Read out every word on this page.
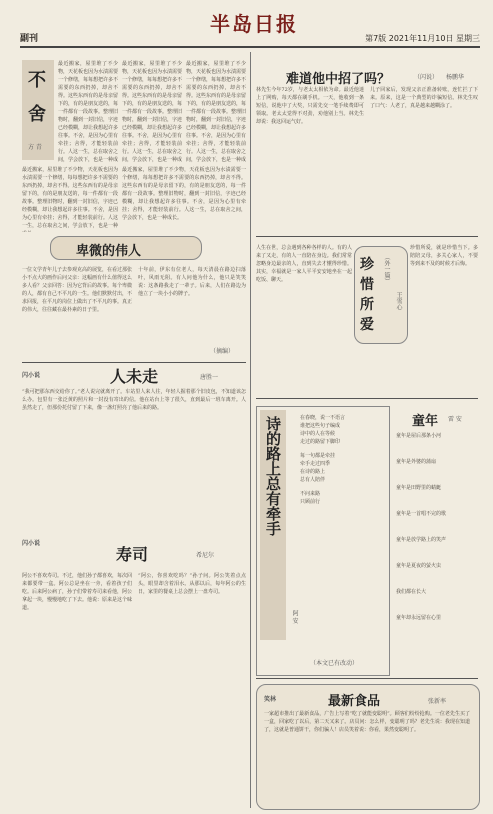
副刊
半岛日报
第7版 2021年11月10日 星期三
不
舍
方 青
最近搬家，屋里堆了不少物，天花板也因为水渍需要一个修缮，每每想把许多不需要的东西扔掉，却舍不得。这些东西有的是母亲留下的，有的是朋友送的，每一件都有一段故事。整理旧物时，翻到一封旧信，字迹已经模糊，却让我想起许多往事。不舍，是因为心里有牵挂；舍得，才能轻装前行。人这一生，总在取舍之间，学会放下，也是一种成
最近搬家，屋里堆了不少物，天花板也因为水渍需要一个修缮，每每想把许多不需要的东西扔掉，却舍不得。这些东西有的是母亲留下的，有的是朋友送的，每一件都有一段故事。整理旧物时，翻到一封旧信，字迹已经模糊，却让我想起许多往事。不舍，是因为心里有牵挂；舍得，才能轻装前行。人这一生，总在取舍之间，学会放下，也是一种成
最近搬家，屋里堆了不少物，天花板也因为水渍需要一个修缮，每每想把许多不需要的东西扔掉，却舍不得。这些东西有的是母亲留下的，有的是朋友送的，每一件都有一段故事。整理旧物时，翻到一封旧信，字迹已经模糊，却让我想起许多往事。不舍，是因为心里有牵挂；舍得，才能轻装前行。人这一生，总在取舍之间，学会放下，也是一种成
最近搬家，屋里堆了不少物，天花板也因为水渍需要一个修缮，每每想把许多不需要的东西扔掉，却舍不得。这些东西有的是母亲留下的，有的是朋友送的，每一件都有一段故事。整理旧物时，翻到一封旧信，字迹已经模糊，却让我想起许多往事。不舍，是因为心里有牵挂；舍得，才能轻装前行。人这一生，总在取舍之间，学会放下，也是一种
最近搬家，屋里堆了不少物，天花板也因为水渍需要一个修缮，每每想把许多不需要的东西扔掉，却舍不得。这些东西有的是母亲留下的，有的是朋友送的，每一件都有一段故事。整理旧物时，翻到一封旧信，字迹已经模糊，却让我想起许多往事。不舍，是因为心里有牵挂；舍得，才能轻装前行。人这一生，总在取舍之间，学会放下，也是一种成长。
卑微的伟人
一位文学青年儿子去参观克高的展览，在看过那张小不点大的画作后问父亲：这幅画有什么值得这么多人看？父亲回答：因为它背后的故事。每个卑微的人，都有自己不平凡的一生。他们默默付出，不求回报，在平凡的岗位上做出了不平凡的事。真正的伟大，往往藏在最朴素的日子里。
十年前，伊东有位老人，每天清晨在路边扫落叶，风雨无阻。有人问他为什么，他只是笑笑说：这条路我走了一辈子。后来，人们在路边为他立了一块小小的牌子。
（摘编）
闪小说	人未走	唐胜一
“我可把那东西交给你了。”老人说完就离开了。车站里人来人往，年轻人握着那个旧皮包，不知道该怎么办。包里有一张泛黄的照片和一封没有寄出的信。他在站台上等了很久，直到最后一班车离开。人虽然走了，但那份托付留了下来，像一盏灯照亮了他后来的路。
闪小说
寿司	希尼尔
阿公不喜欢寿司。不过，他们孙子都喜欢，每次回来都要带一盒。阿公总是坐在一旁，看着孩子们吃。后来阿公病了，孙子们带着寿司来看他，阿公拿起一块，慢慢地吃了下去。他说：原来是这个味道。
“阿公，你喜欢吃吗？”孙子问。阿公笑着点点头，眼里却含着泪水。从那以后，每年阿公的生日，家里的餐桌上总会摆上一盘寿司。
难道他中招了吗？	（闪说） 杨鹏华
林先生今年72岁，与老太太相依为命。最近他迷上了网购，每天都在刷手机。一天，他收到一条短信，说他中了大奖，只需先交一笔手续费即可领取。老太太觉得不对劲，劝他别上当。林先生却说：我这回运气好。
儿子回家后，发现父亲正准备转账，连忙拦了下来。原来，这是一个典型的诈骗短信。林先生叹了口气：人老了，真是越来越糊涂了。
人生在世，总会遇到各种各样的人。有的人来了又走，有的人一直陪在身边。我们常常忽略身边最亲的人，直到失去才懂得珍惜。其实，幸福就是一家人平平安安地坐在一起吃饭、聊天。
珍
惜
所
爱
（外一篇）
王雪心
珍惜所爱，就是珍惜当下。多陪陪父母，多关心家人，不要等到来不及的时候才后悔。
诗的路上总有牵手
阿 安
在春晓，说一不语言
谁把这些句子编成
诗中的人在等候
走过的路留下脚印
每一句都是牵挂
牵手走过四季
在诗的路上
总有人陪伴
不问来路
只顾前行
（本文已有改动）
童年 雷 安
童年是屋后那条小河
童年是外婆的蒲扇
童年是田野里的蜻蜓
童年是一首唱不完的歌
童年是放学路上的笑声
童年是夏夜的萤火虫
我们都在长大
童年却永远留在心里
笑林	最新食品	张新率
一家超市推出了最新食品，广告上写着“吃了就能变聪明”。顾客们纷纷抢购。一位老先生买了一盒，回家吃了以后，第二天又来了。店员问：怎么样，变聪明了吗？老先生说：我现在知道了，这就是普通饼干，你们骗人！店员笑着说：你看，果然变聪明了。
